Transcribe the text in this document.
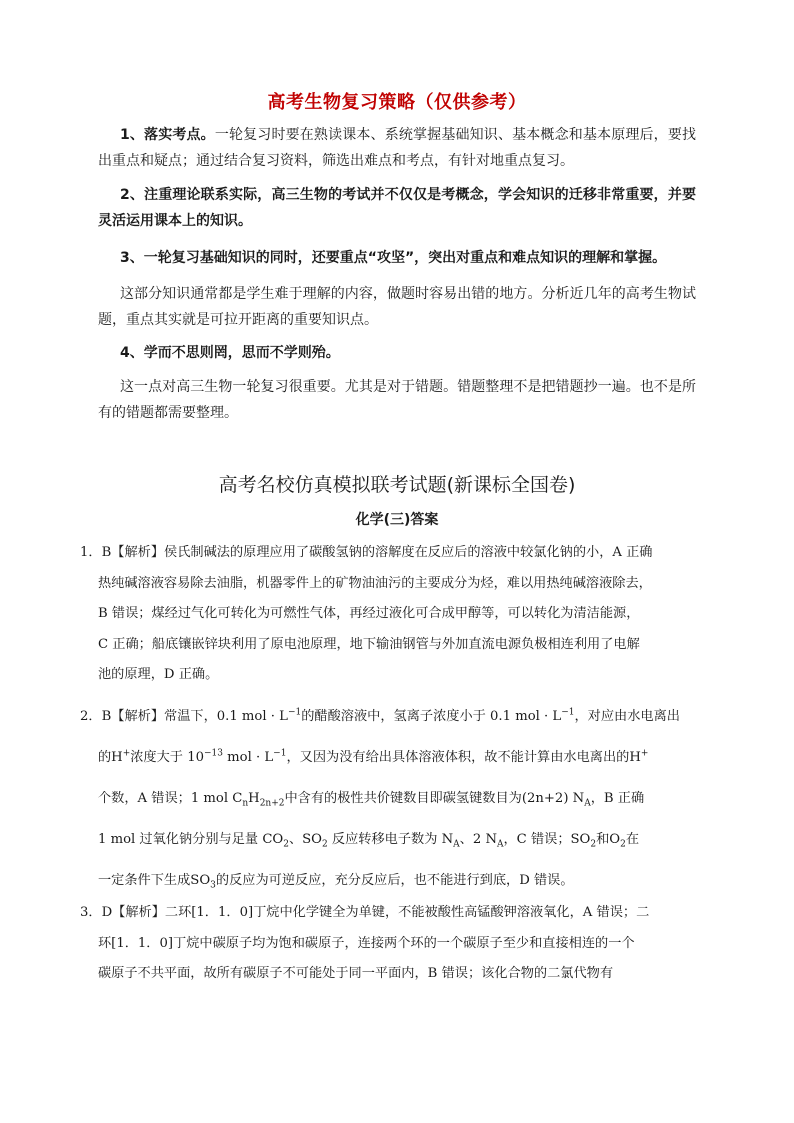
高考生物复习策略（仅供参考）
1、落实考点。一轮复习时要在熟读课本、系统掌握基础知识、基本概念和基本原理后，要找出重点和疑点；通过结合复习资料，筛选出难点和考点，有针对地重点复习。
2、注重理论联系实际，高三生物的考试并不仅仅是考概念，学会知识的迁移非常重要，并要灵活运用课本上的知识。
3、一轮复习基础知识的同时，还要重点“攻坚”，突出对重点和难点知识的理解和掌握。
这部分知识通常都是学生难于理解的内容，做题时容易出错的地方。分析近几年的高考生物试题，重点其实就是可拉开距离的重要知识点。
4、学而不思则罔，思而不学则殆。
这一点对高三生物一轮复习很重要。尤其是对于错题。错题整理不是把错题抄一遍。也不是所有的错题都需要整理。
高考名校仿真模拟联考试题(新课标全国卷)
化学(三)答案
1．B【解析】侯氏制碱法的原理应用了碳酸氢钠的溶解度在反应后的溶液中较氯化钠的小，A 正确
热纯碱溶液容易除去油脂，机器零件上的矿物油油污的主要成分为烃，难以用热纯碱溶液除去，
B 错误；煤经过气化可转化为可燃性气体，再经过液化可合成甲醇等，可以转化为清洁能源，
C 正确；船底镶嵌锌块利用了原电池原理，地下输油钢管与外加直流电源负极相连利用了电解
池的原理，D 正确。
2．B【解析】常温下，0.1 mol · $L^{-1}$的醋酸溶液中，氢离子浓度小于 0.1 mol · $L^{-1}$，对应由水电离出
的H+浓度大于 $10^{-13}$ mol · $L^{-1}$，又因为没有给出具体溶液体积，故不能计算由水电离出的H+
个数，A 错误；1 mol $C_nH_{2n+2}$中含有的极性共价键数目即碳氢键数目为(2n+2) $N_A$，B 正确
1 mol 过氧化钠分别与足量 $CO_2$、$SO_2$ 反应转移电子数为 $N_A$、2 $N_A$，C 错误；$SO_2$和$O_2$在
一定条件下生成$SO_3$的反应为可逆反应，充分反应后，也不能进行到底，D 错误。
3．D【解析】二环[1．1．0]丁烷中化学键全为单键，不能被酸性高锰酸钾溶液氧化，A 错误；二
环[1．1．0]丁烷中碳原子均为饱和碳原子，连接两个环的一个碳原子至少和直接相连的一个
碳原子不共平面，故所有碳原子不可能处于同一平面内，B 错误；该化合物的二氯代物有
